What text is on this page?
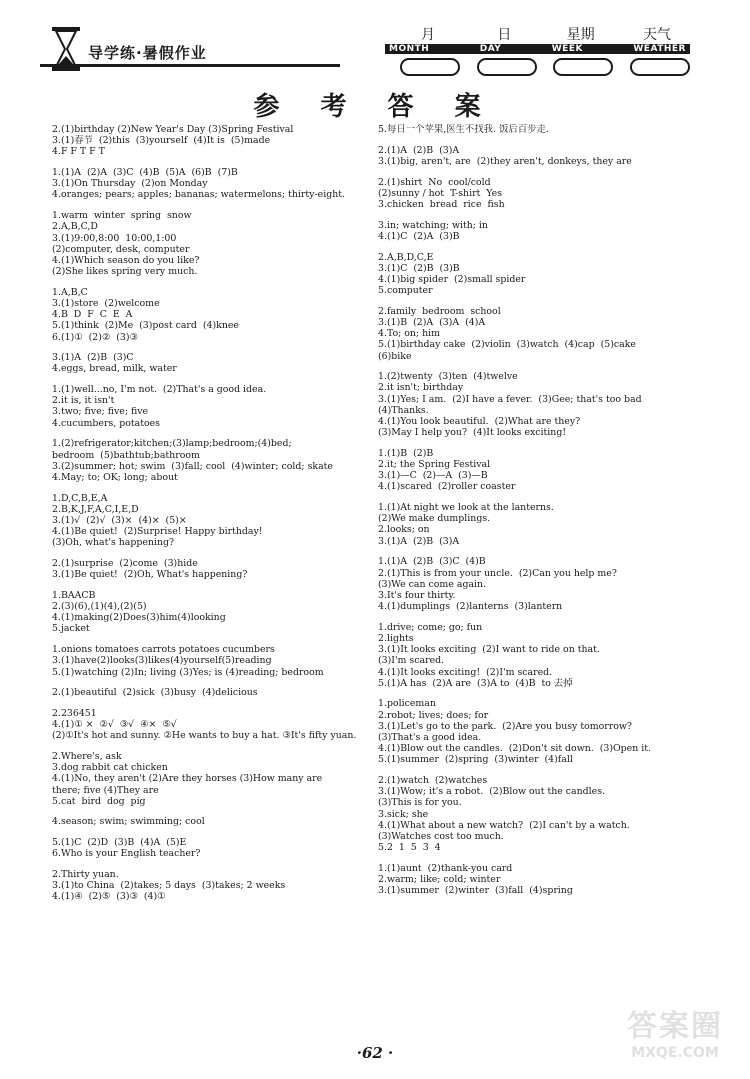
导学练·暑假作业
月	日	星期	天气
MONTH	DAY	WEEK	WEATHER
参 考 答 案
2.(1)birthday (2)New Year's Day (3)Spring Festival
3.(1)春节  (2)this  (3)yourself  (4)It is  (5)made
4.F F T F T
1.(1)A  (2)A  (3)C  (4)B  (5)A  (6)B  (7)B
3.(1)On Thursday  (2)on Monday
4.oranges; pears; apples; bananas; watermelons; thirty-eight.
1.warm  winter  spring  snow
2.A,B,C,D
3.(1)9:00,8:00  10:00,1:00
(2)computer, desk, computer
4.(1)Which season do you like?
(2)She likes spring very much.
1.A,B,C
3.(1)store  (2)welcome
4.B  D  F  C  E  A
5.(1)think  (2)Me  (3)post card  (4)knee
6.(1)①  (2)②  (3)③
3.(1)A  (2)B  (3)C
4.eggs, bread, milk, water
1.(1)well...no, I'm not.  (2)That's a good idea.
2.it is, it isn't
3.two; five; five; five
4.cucumbers, potatoes
1.(2)refrigerator;kitchen;(3)lamp;bedroom;(4)bed;
bedroom  (5)bathtub;bathroom
3.(2)summer; hot; swim  (3)fall; cool  (4)winter; cold; skate
4.May; to; OK; long; about
1.D,C,B,E,A
2.B,K,J,F,A,C,I,E,D
3.(1)√  (2)√  (3)×  (4)×  (5)×
4.(1)Be quiet!  (2)Surprise! Happy birthday!
(3)Oh, what's happening?
2.(1)surprise  (2)come  (3)hide
3.(1)Be quiet!  (2)Oh, What's happening?
1.BAACB
2.(3)(6),(1)(4),(2)(5)
4.(1)making(2)Does(3)him(4)looking
5.jacket
1.onions tomatoes carrots potatoes cucumbers
3.(1)have(2)looks(3)likes(4)yourself(5)reading
5.(1)watching (2)In; living (3)Yes; is (4)reading; bedroom
2.(1)beautiful  (2)sick  (3)busy  (4)delicious
2.236451
4.(1)① ×  ②√  ③√  ④×  ⑤√
(2)①It's hot and sunny. ②He wants to buy a hat. ③It's fifty yuan.
2.Where's, ask
3.dog rabbit cat chicken
4.(1)No, they aren't (2)Are they horses (3)How many are
there; five (4)They are
5.cat  bird  dog  pig
4.season; swim; swimming; cool
5.(1)C  (2)D  (3)B  (4)A  (5)E
6.Who is your English teacher?
2.Thirty yuan.
3.(1)to China  (2)takes; 5 days  (3)takes; 2 weeks
4.(1)④  (2)⑤  (3)③  (4)①
5.每日一个苹果,医生不找我. 饭后百步走.
2.(1)A  (2)B  (3)A
3.(1)big, aren't, are  (2)they aren't, donkeys, they are
2.(1)shirt  No  cool/cold
(2)sunny / hot  T-shirt  Yes
3.chicken  bread  rice  fish
3.in; watching; with; in
4.(1)C  (2)A  (3)B
2.A,B,D,C,E
3.(1)C  (2)B  (3)B
4.(1)big spider  (2)small spider
5.computer
2.family  bedroom  school
3.(1)B  (2)A  (3)A  (4)A
4.To; on; him
5.(1)birthday cake  (2)violin  (3)watch  (4)cap  (5)cake
(6)bike
1.(2)twenty  (3)ten  (4)twelve
2.it isn't; birthday
3.(1)Yes; I am.  (2)I have a fever.  (3)Gee; that's too bad
(4)Thanks.
4.(1)You look beautiful.  (2)What are they?
(3)May I help you?  (4)It looks exciting!
1.(1)B  (2)B
2.it; the Spring Festival
3.(1)—C  (2)—A  (3)—B
4.(1)scared  (2)roller coaster
1.(1)At night we look at the lanterns.
(2)We make dumplings.
2.looks; on
3.(1)A  (2)B  (3)A
1.(1)A  (2)B  (3)C  (4)B
2.(1)This is from your uncle.  (2)Can you help me?
(3)We can come again.
3.It's four thirty.
4.(1)dumplings  (2)lanterns  (3)lantern
1.drive; come; go; fun
2.lights
3.(1)It looks exciting  (2)I want to ride on that.
(3)I'm scared.
4.(1)It looks exciting!  (2)I'm scared.
5.(1)A has  (2)A are  (3)A to  (4)B  to 去掉
1.policeman
2.robot; lives; does; for
3.(1)Let's go to the park.  (2)Are you busy tomorrow?
(3)That's a good idea.
4.(1)Blow out the candles.  (2)Don't sit down.  (3)Open it.
5.(1)summer  (2)spring  (3)winter  (4)fall
2.(1)watch  (2)watches
3.(1)Wow; it's a robot.  (2)Blow out the candles.
(3)This is for you.
3.sick; she
4.(1)What about a new watch?  (2)I can't by a watch.
(3)Watches cost too much.
5.2  1  5  3  4
1.(1)aunt  (2)thank-you card
2.warm; like; cold; winter
3.(1)summer  (2)winter  (3)fall  (4)spring
·62 ·
答案圈
MXQE.COM
